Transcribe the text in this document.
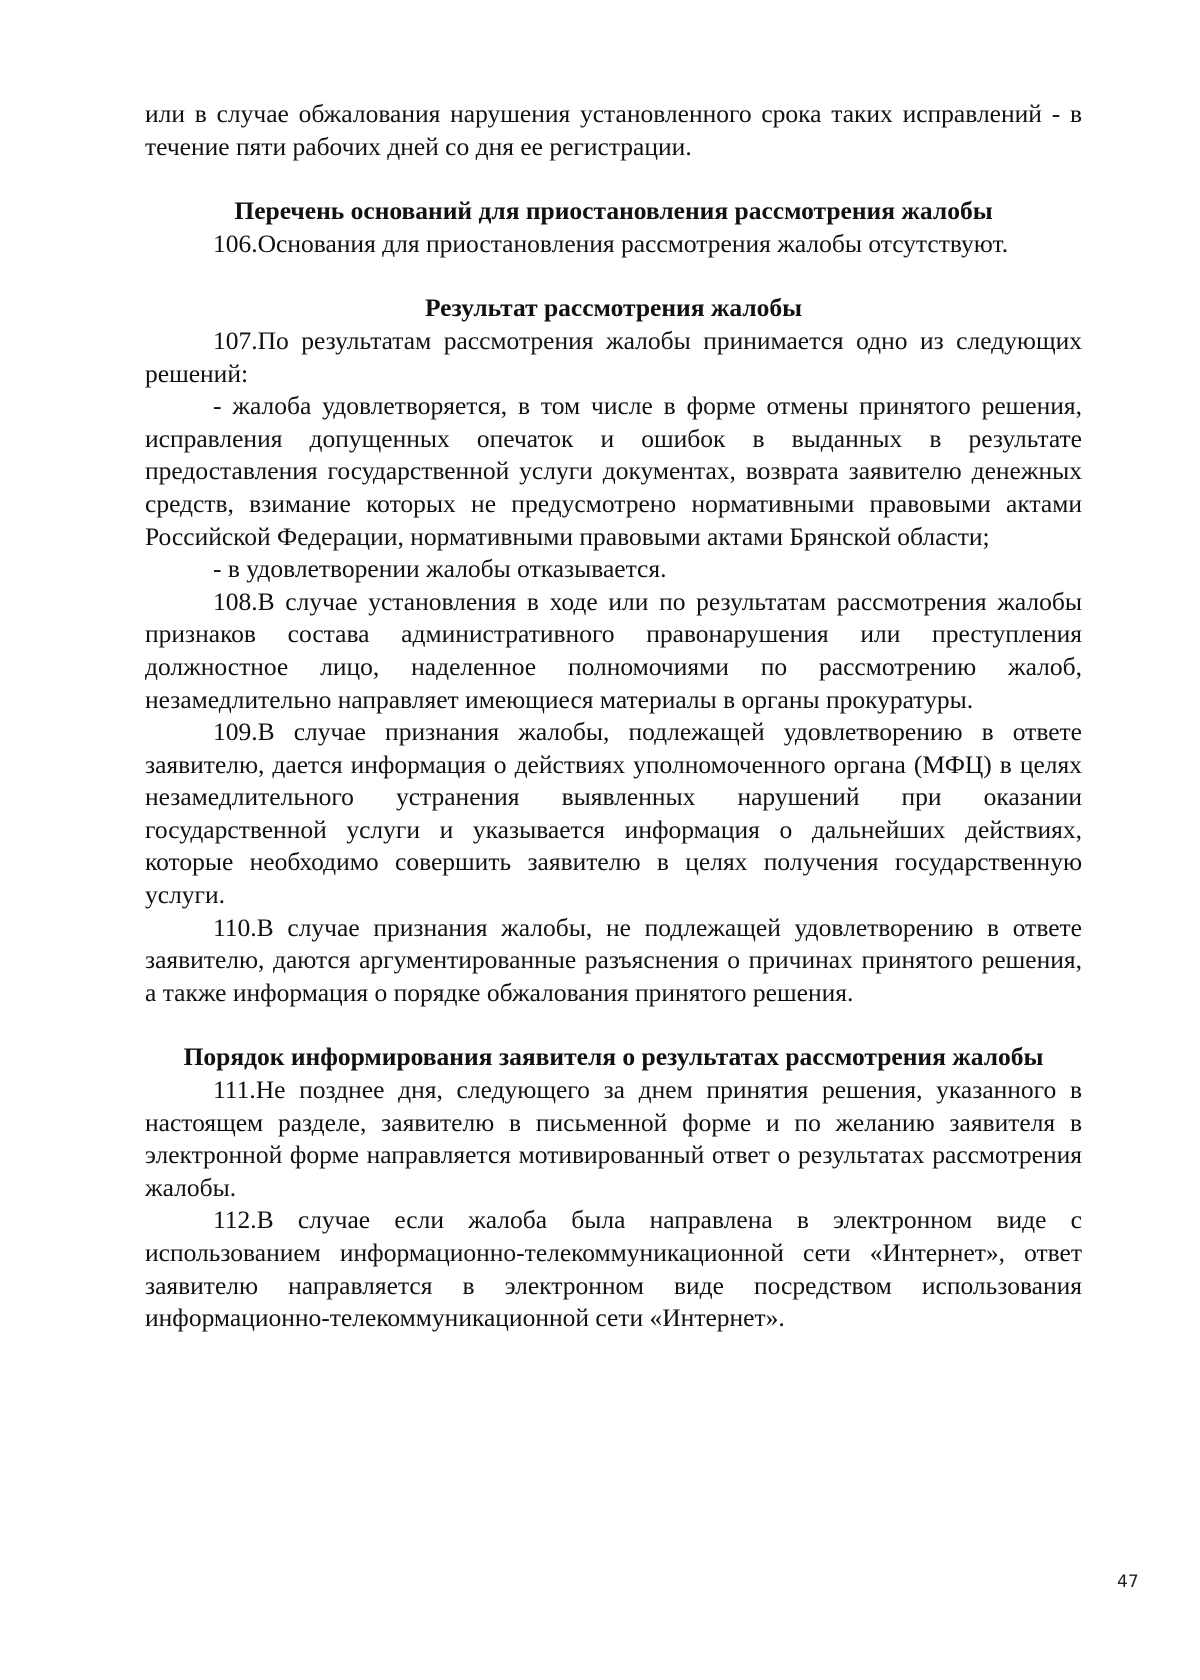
или в случае обжалования нарушения установленного срока таких исправлений - в течение пяти рабочих дней со дня ее регистрации.

Перечень оснований для приостановления рассмотрения жалобы

106.Основания для приостановления рассмотрения жалобы отсутствуют.

Результат рассмотрения жалобы

107.По результатам рассмотрения жалобы принимается одно из следующих решений:

- жалоба удовлетворяется, в том числе в форме отмены принятого решения, исправления допущенных опечаток и ошибок в выданных в результате предоставления государственной услуги документах, возврата заявителю денежных средств, взимание которых не предусмотрено нормативными правовыми актами Российской Федерации, нормативными правовыми актами Брянской области;

- в удовлетворении жалобы отказывается.

108.В случае установления в ходе или по результатам рассмотрения жалобы признаков состава административного правонарушения или преступления должностное лицо, наделенное полномочиями по рассмотрению жалоб, незамедлительно направляет имеющиеся материалы в органы прокуратуры.

109.В случае признания жалобы, подлежащей удовлетворению в ответе заявителю, дается информация о действиях уполномоченного органа (МФЦ) в целях незамедлительного устранения выявленных нарушений при оказании государственной услуги и указывается информация о дальнейших действиях, которые необходимо совершить заявителю в целях получения государственную услуги.

110.В случае признания жалобы, не подлежащей удовлетворению в ответе заявителю, даются аргументированные разъяснения о причинах принятого решения, а также информация о порядке обжалования принятого решения.

Порядок информирования заявителя о результатах рассмотрения жалобы

111.Не позднее дня, следующего за днем принятия решения, указанного в настоящем разделе, заявителю в письменной форме и по желанию заявителя в электронной форме направляется мотивированный ответ о результатах рассмотрения жалобы.

112.В случае если жалоба была направлена в электронном виде с использованием информационно-телекоммуникационной сети «Интернет», ответ заявителю направляется в электронном виде посредством использования информационно-телекоммуникационной сети «Интернет».

47
